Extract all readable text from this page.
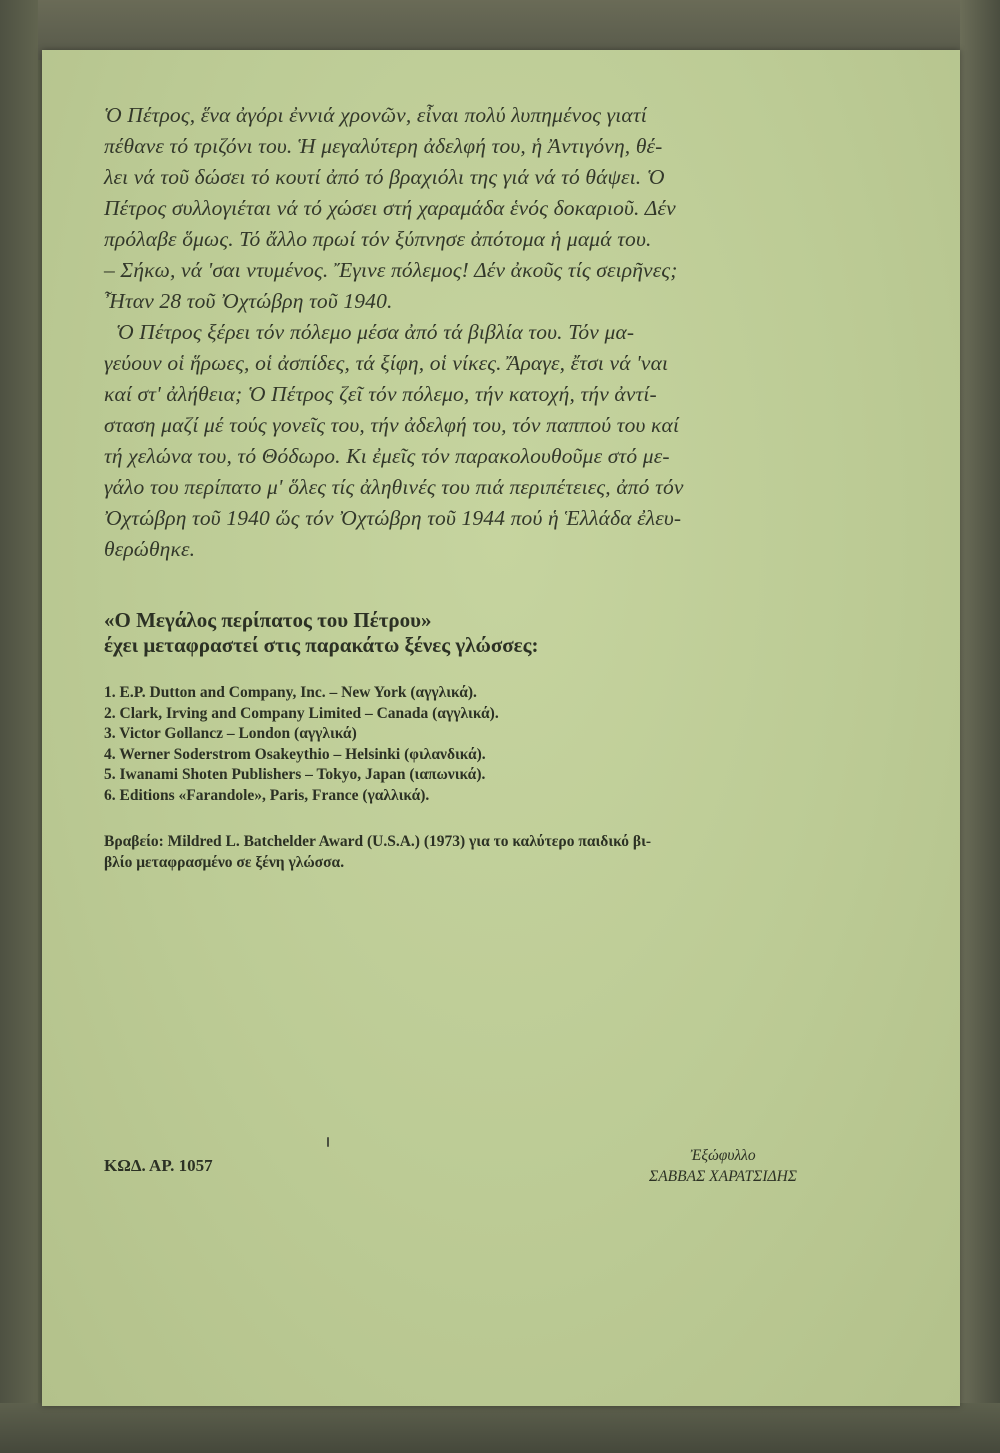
Ὁ Πέτρος, ἕνα ἀγόρι ἐννιά χρονῶν, εἶναι πολύ λυπημένος γιατί
πέθανε τό τριζόνι του. Ἡ μεγαλύτερη ἀδελφή του, ἡ Ἀντιγόνη, θέ-
λει νά τοῦ δώσει τό κουτί ἀπό τό βραχιόλι της γιά νά τό θάψει. Ὁ
Πέτρος συλλογιέται νά τό χώσει στή χαραμάδα ἑνός δοκαριοῦ. Δέν
πρόλαβε ὅμως. Τό ἄλλο πρωί τόν ξύπνησε ἀπότομα ἡ μαμά του.
– Σήκω, νά 'σαι ντυμένος. Ἔγινε πόλεμος! Δέν ἀκοῦς τίς σειρῆνες;
Ἦταν 28 τοῦ Ὀχτώβρη τοῦ 1940.

Ὁ Πέτρος ξέρει τόν πόλεμο μέσα ἀπό τά βιβλία του. Τόν μα-
γεύουν οἱ ἥρωες, οἱ ἀσπίδες, τά ξίφη, οἱ νίκες. Ἄραγε, ἔτσι νά 'ναι
καί στ' ἀλήθεια; Ὁ Πέτρος ζεῖ τόν πόλεμο, τήν κατοχή, τήν ἀντί-
σταση μαζί μέ τούς γονεῖς του, τήν ἀδελφή του, τόν παππού του καί
τή χελώνα του, τό Θόδωρο. Κι ἐμεῖς τόν παρακολουθοῦμε στό με-
γάλο του περίπατο μ' ὅλες τίς ἀληθινές του πιά περιπέτειες, ἀπό τόν
Ὀχτώβρη τοῦ 1940 ὥς τόν Ὀχτώβρη τοῦ 1944 πού ἡ Ἑλλάδα ἐλευ-
θερώθηκε.

«Ο Μεγάλος περίπατος του Πέτρου»
έχει μεταφραστεί στις παρακάτω ξένες γλώσσες:
1. E.P. Dutton and Company, Inc. – New York (αγγλικά).
2. Clark, Irving and Company Limited – Canada (αγγλικά).
3. Victor Gollancz – London (αγγλικά)
4. Werner Soderstrom Osakeythio – Helsinki (φιλανδικά).
5. Iwanami Shoten Publishers – Tokyo, Japan (ιαπωνικά).
6. Editions «Farandole», Paris, France (γαλλικά).
Βραβείο: Mildred L. Batchelder Award (U.S.A.) (1973) για το καλύτερο παιδικό βι-
βλίο μεταφρασμένο σε ξένη γλώσσα.
ΚΩΔ. ΑΡ. 1057
Ἐξώφυλλο
ΣΑΒΒΑΣ ΧΑΡΑΤΣΙΔΗΣ
